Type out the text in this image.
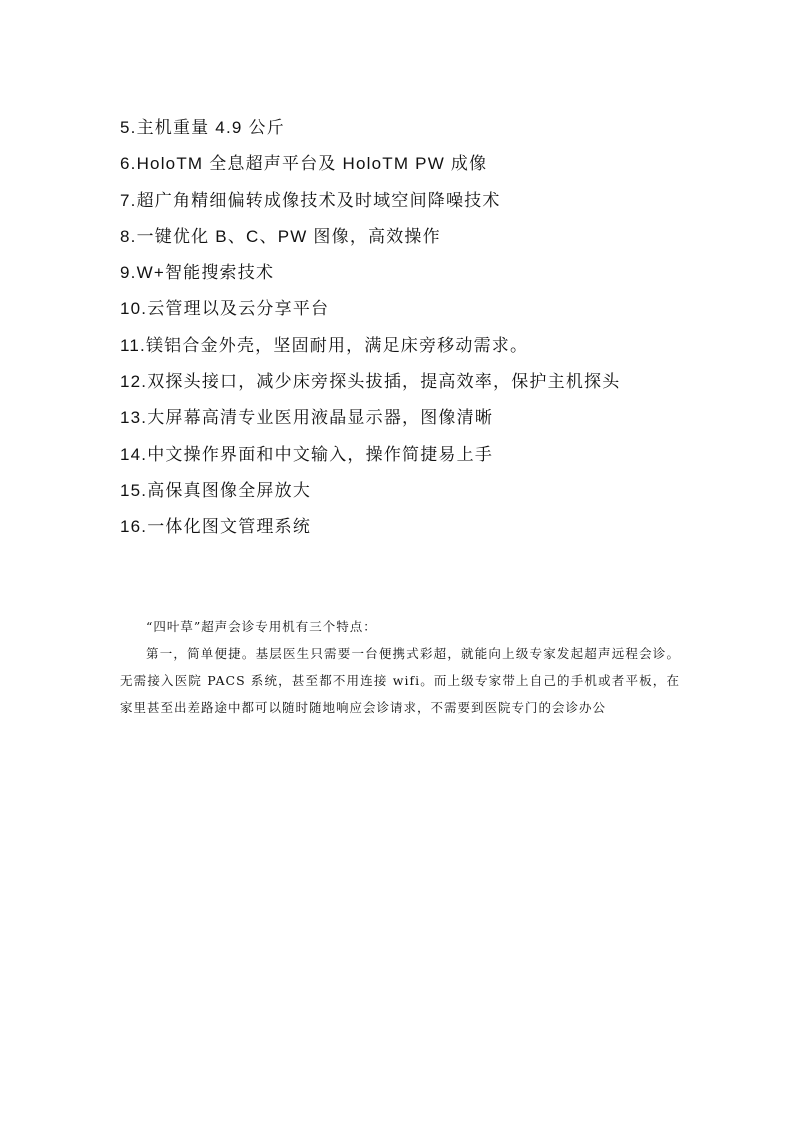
5.主机重量 4.9 公斤
6.HoloTM 全息超声平台及 HoloTM PW 成像
7.超广角精细偏转成像技术及时域空间降噪技术
8.一键优化 B、C、PW 图像，高效操作
9.W+智能搜索技术
10.云管理以及云分享平台
11.镁铝合金外壳，坚固耐用，满足床旁移动需求。
12.双探头接口，减少床旁探头拔插，提高效率，保护主机探头
13.大屏幕高清专业医用液晶显示器，图像清晰
14.中文操作界面和中文输入，操作简捷易上手
15.高保真图像全屏放大
16.一体化图文管理系统

“四叶草”超声会诊专用机有三个特点：

第一，简单便捷。基层医生只需要一台便携式彩超，就能向上级专家发起超声远程会诊。无需接入医院 PACS 系统，甚至都不用连接 wifi。而上级专家带上自己的手机或者平板，在家里甚至出差路途中都可以随时随地响应会诊请求，不需要到医院专门的会诊办公
